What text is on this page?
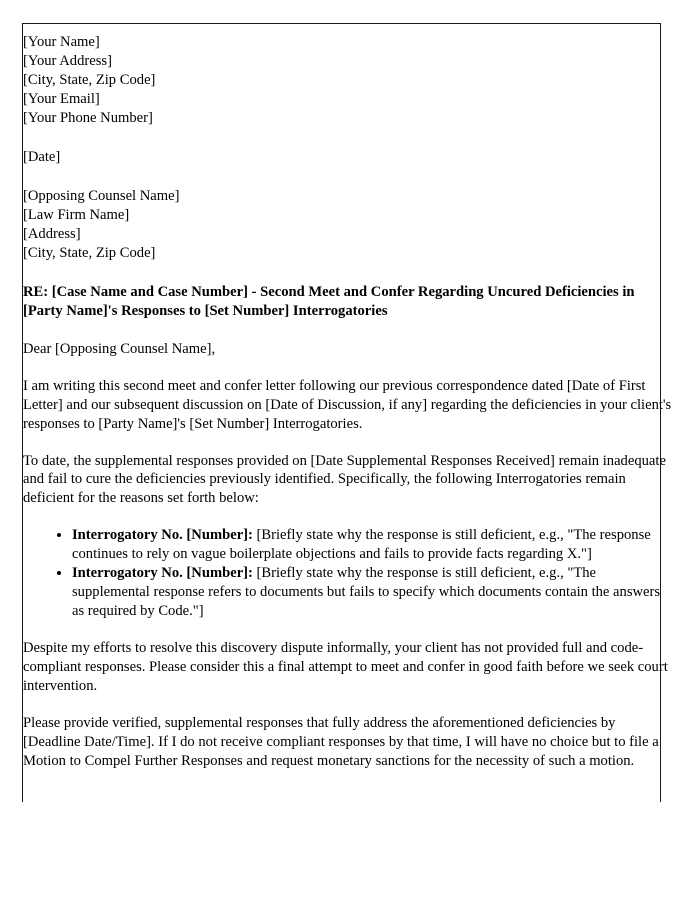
[Your Name]
[Your Address]
[City, State, Zip Code]
[Your Email]
[Your Phone Number]
[Date]
[Opposing Counsel Name]
[Law Firm Name]
[Address]
[City, State, Zip Code]
RE: [Case Name and Case Number] - Second Meet and Confer Regarding Uncured Deficiencies in [Party Name]'s Responses to [Set Number] Interrogatories
Dear [Opposing Counsel Name],

I am writing this second meet and confer letter following our previous correspondence dated [Date of First Letter] and our subsequent discussion on [Date of Discussion, if any] regarding the deficiencies in your client's responses to [Party Name]'s [Set Number] Interrogatories.

To date, the supplemental responses provided on [Date Supplemental Responses Received] remain inadequate and fail to cure the deficiencies previously identified. Specifically, the following Interrogatories remain deficient for the reasons set forth below:

• Interrogatory No. [Number]: [Briefly state why the response is still deficient, e.g., "The response continues to rely on vague boilerplate objections and fails to provide facts regarding X."]
• Interrogatory No. [Number]: [Briefly state why the response is still deficient, e.g., "The supplemental response refers to documents but fails to specify which documents contain the answers as required by Code."]

Despite my efforts to resolve this discovery dispute informally, your client has not provided full and code-compliant responses. Please consider this a final attempt to meet and confer in good faith before we seek court intervention.

Please provide verified, supplemental responses that fully address the aforementioned deficiencies by [Deadline Date/Time]. If I do not receive compliant responses by that time, I will have no choice but to file a Motion to Compel Further Responses and request monetary sanctions for the necessity of such a motion.
